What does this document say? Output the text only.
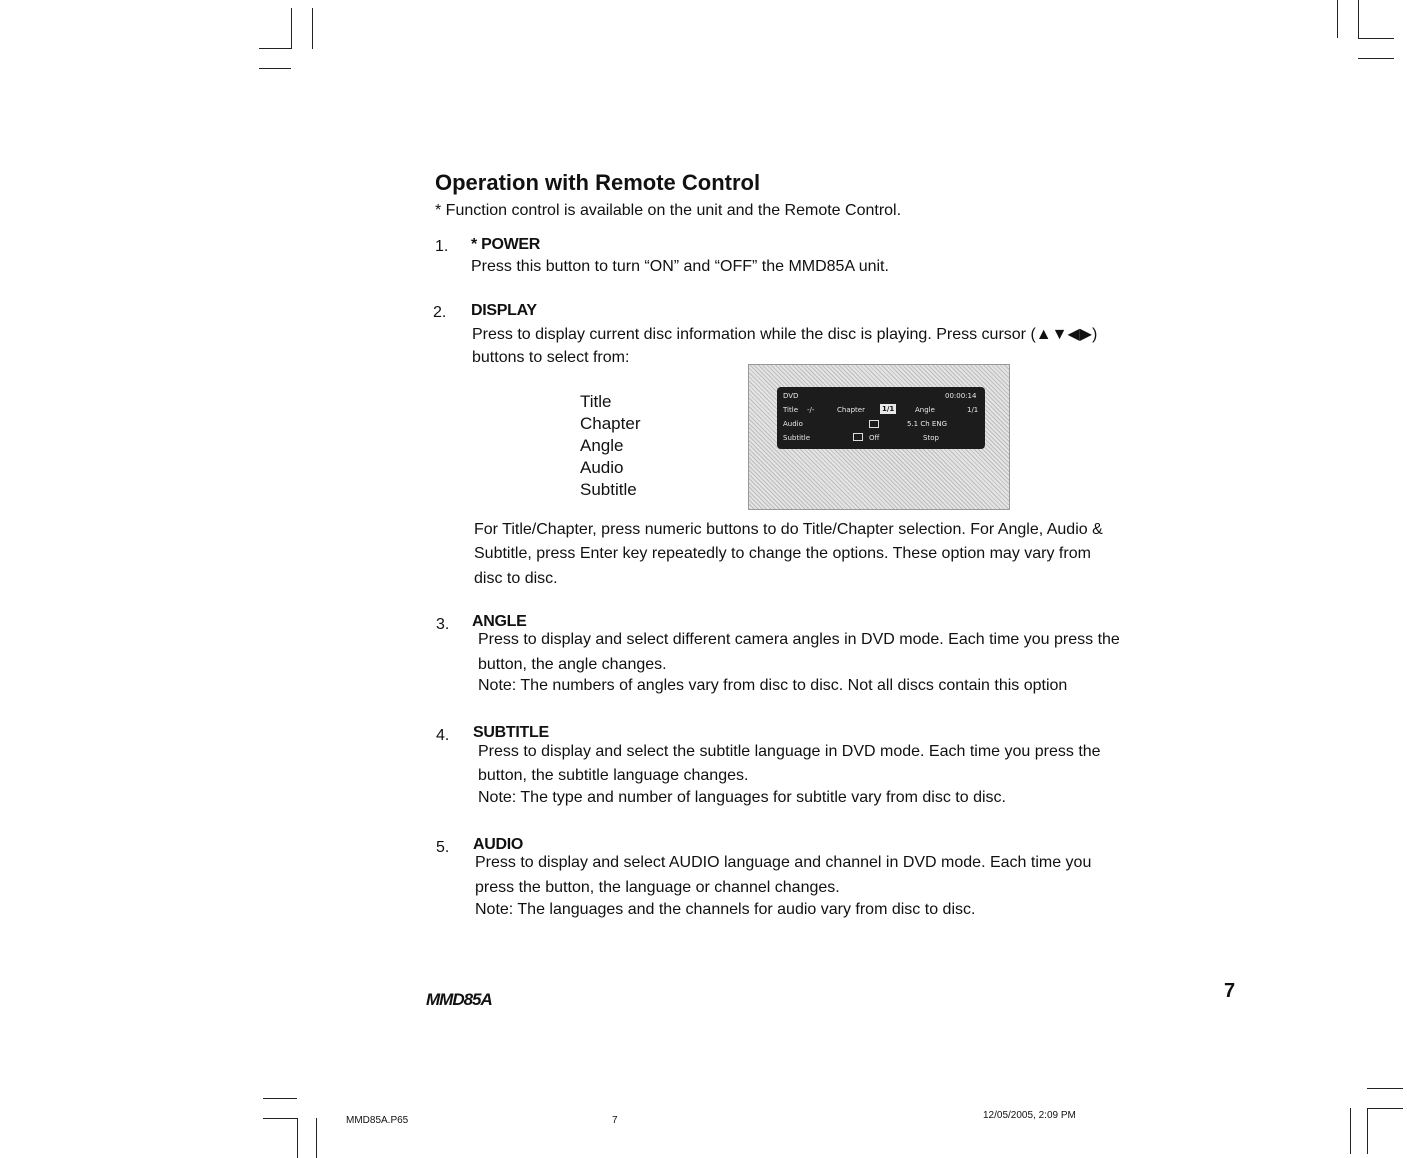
Operation with Remote Control
* Function control is available on the unit and the Remote Control.
1. * POWER
Press this button to turn “ON” and “OFF” the MMD85A unit.
2. DISPLAY
Press to display current disc information while the disc is playing. Press cursor (▲▼◀▶)
buttons to select from:
Title
Chapter
Angle
Audio
Subtitle
DVD	00:00:14
Title -/-	Chapter 1/1	Angle	1/1
Audio	5.1 Ch ENG
Subtitle	Off	Stop
For Title/Chapter, press numeric buttons to do Title/Chapter selection. For Angle, Audio &
Subtitle, press Enter key repeatedly to change the options. These option may vary from
disc to disc.
3. ANGLE
Press to display and select different camera angles in DVD mode. Each time you press the
button, the angle changes.
Note: The numbers of angles vary from disc to disc. Not all discs contain this option
4. SUBTITLE
Press to display and select the subtitle language in DVD mode. Each time you press the
button, the subtitle language changes.
Note: The type and number of languages for subtitle vary from disc to disc.
5. AUDIO
Press to display and select AUDIO language and channel in DVD mode. Each time you
press the button, the language or channel changes.
Note: The languages and the channels for audio vary from disc to disc.
MMD85A	7
MMD85A.P65	7	12/05/2005, 2:09 PM
